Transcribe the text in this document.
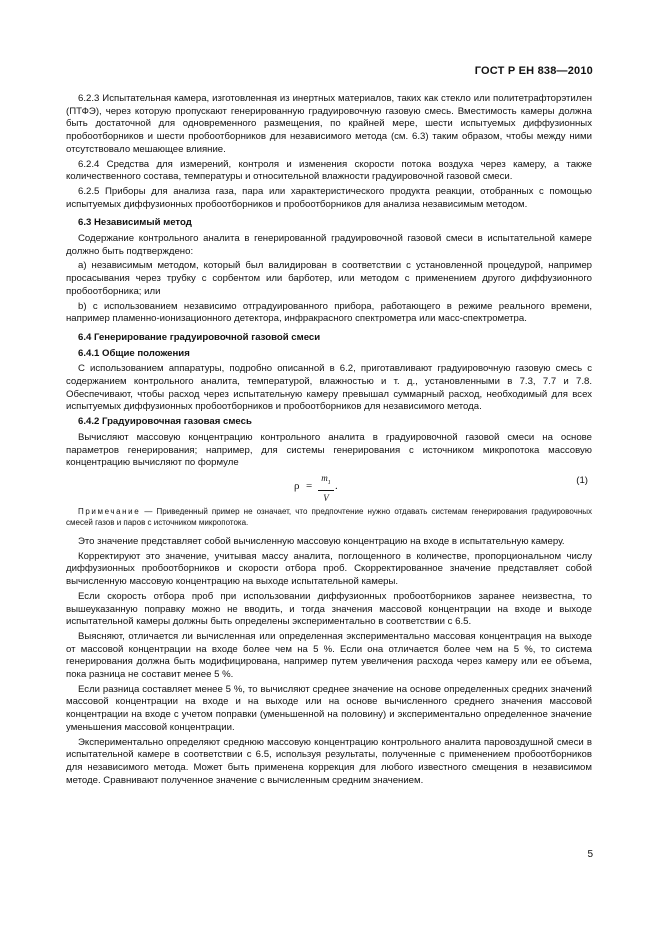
ГОСТ Р ЕН 838—2010

6.2.3 Испытательная камера, изготовленная из инертных материалов, таких как стекло или политетрафторэтилен (ПТФЭ), через которую пропускают генерированную градуировочную газовую смесь. Вместимость камеры должна быть достаточной для одновременного размещения, по крайней мере, шести испытуемых диффузионных пробоотборников и шести пробоотборников для независимого метода (см. 6.3) таким образом, чтобы между ними отсутствовало мешающее влияние.

6.2.4 Средства для измерений, контроля и изменения скорости потока воздуха через камеру, а также количественного состава, температуры и относительной влажности градуировочной газовой смеси.

6.2.5 Приборы для анализа газа, пара или характеристического продукта реакции, отобранных с помощью испытуемых диффузионных пробоотборников и пробоотборников для анализа независимым методом.

6.3 Независимый метод

Содержание контрольного аналита в генерированной градуировочной газовой смеси в испытательной камере должно быть подтверждено:

a) независимым методом, который был валидирован в соответствии с установленной процедурой, например просасывания через трубку с сорбентом или барботер, или методом с применением другого диффузионного пробоотборника; или

b) с использованием независимо отградуированного прибора, работающего в режиме реального времени, например пламенно-ионизационного детектора, инфракрасного спектрометра или масс-спектрометра.

6.4 Генерирование градуировочной газовой смеси

6.4.1 Общие положения

С использованием аппаратуры, подробно описанной в 6.2, приготавливают градуировочную газовую смесь с содержанием контрольного аналита, температурой, влажностью и т. д., установленными в 7.3, 7.7 и 7.8. Обеспечивают, чтобы расход через испытательную камеру превышал суммарный расход, необходимый для всех испытуемых диффузионных пробоотборников и пробоотборников для независимого метода.

6.4.2 Градуировочная газовая смесь

Вычисляют массовую концентрацию контрольного аналита в градуировочной газовой смеси на основе параметров генерирования; например, для системы генерирования с источником микропотока массовую концентрацию вычисляют по формуле

ρ =
$m_1$
V
.	(1)

Примечание — Приведенный пример не означает, что предпочтение нужно отдавать системам генерирования градуировочных смесей газов и паров с источником микропотока.

Это значение представляет собой вычисленную массовую концентрацию на входе в испытательную камеру.

Корректируют это значение, учитывая массу аналита, поглощенного в количестве, пропорциональном числу диффузионных пробоотборников и скорости отбора проб. Скорректированное значение представляет собой вычисленную массовую концентрацию на выходе испытательной камеры.

Если скорость отбора проб при использовании диффузионных пробоотборников заранее неизвестна, то вышеуказанную поправку можно не вводить, и тогда значения массовой концентрации на входе и выходе испытательной камеры должны быть определены экспериментально в соответствии с 6.5.

Выясняют, отличается ли вычисленная или определенная экспериментально массовая концентрация на выходе от массовой концентрации на входе более чем на 5 %. Если она отличается более чем на 5 %, то система генерирования должна быть модифицирована, например путем увеличения расхода через камеру или ее объема, пока разница не составит менее 5 %.

Если разница составляет менее 5 %, то вычисляют среднее значение на основе определенных средних значений массовой концентрации на входе и на выходе или на основе вычисленного среднего значения массовой концентрации на входе с учетом поправки (уменьшенной на половину) и экспериментально определенное значение уменьшения массовой концентрации.

Экспериментально определяют среднюю массовую концентрацию контрольного аналита паровоздушной смеси в испытательной камере в соответствии с 6.5, используя результаты, полученные с применением пробоотборников для независимого метода. Может быть применена коррекция для любого известного смещения в независимом методе. Сравнивают полученное значение с вычисленным средним значением.

5
